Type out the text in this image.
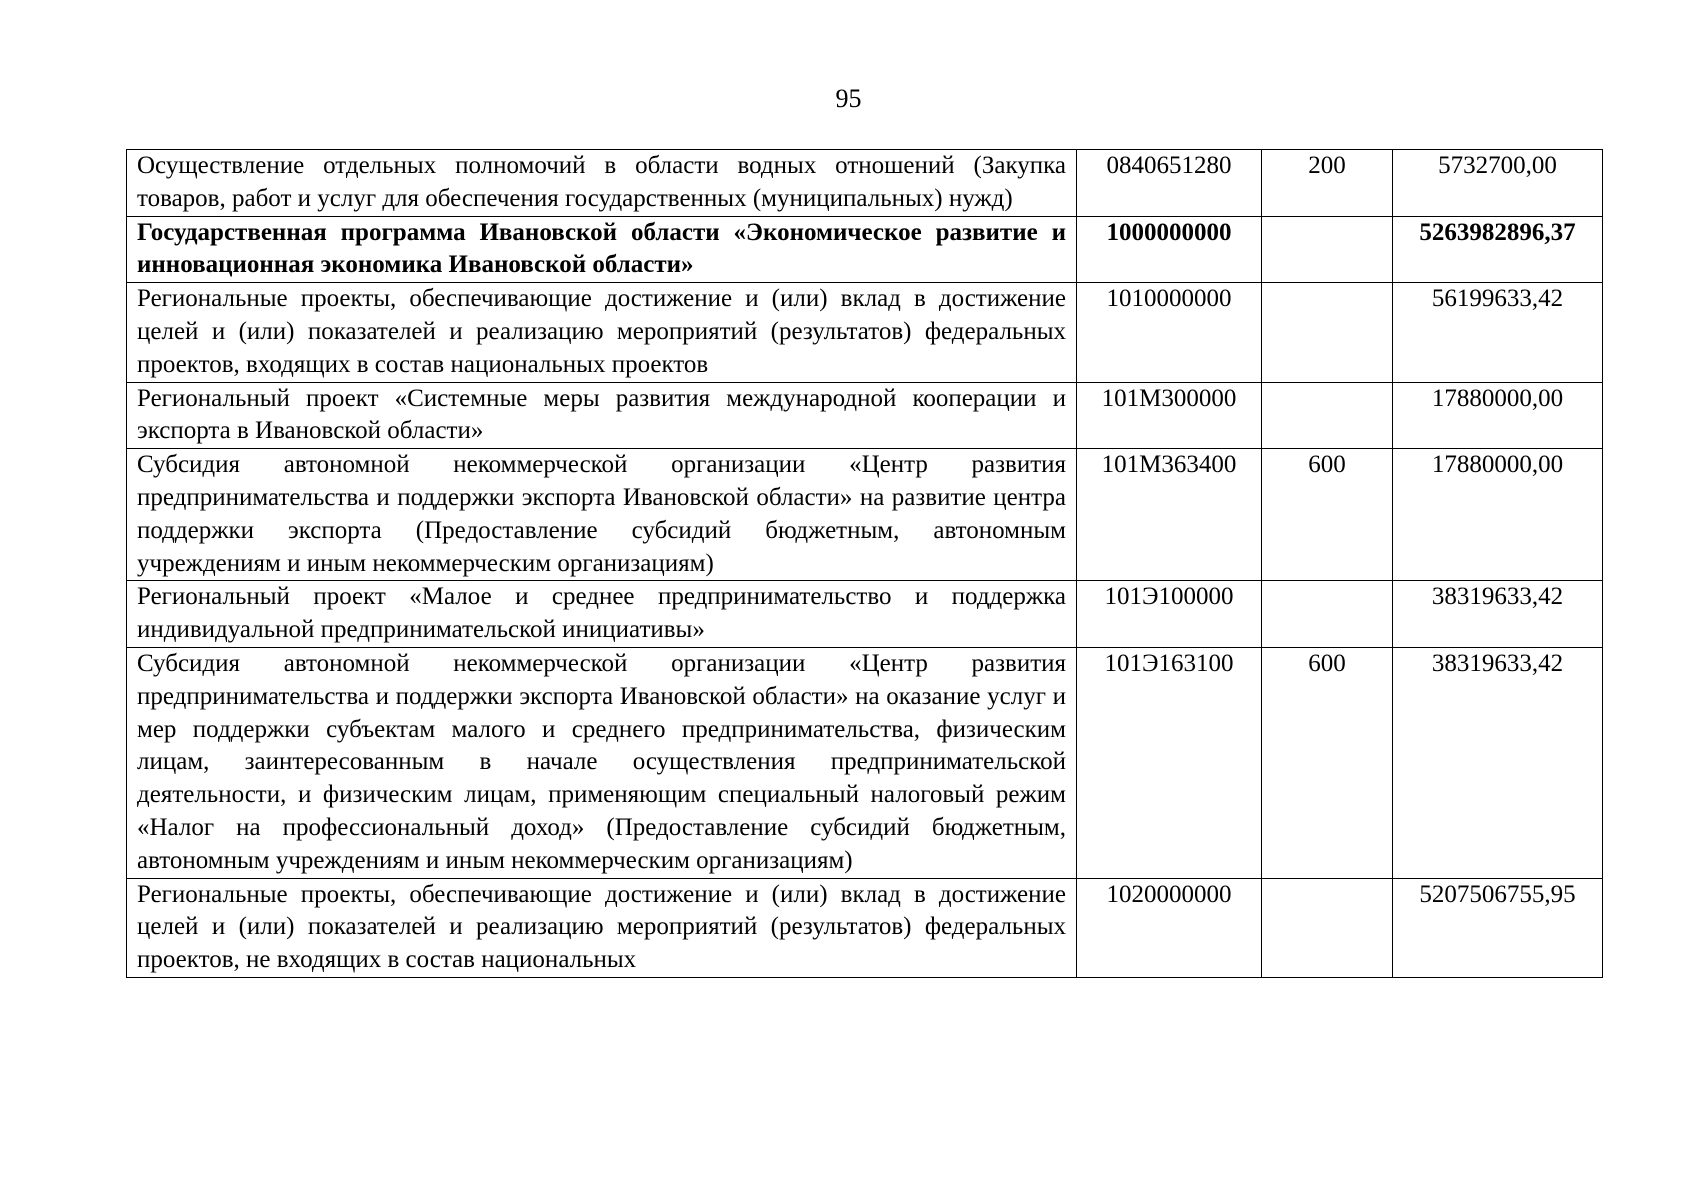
95
Осуществление отдельных полномочий в области водных отношений (Закупка товаров, работ и услуг для обеспечения государственных (муниципальных) нужд)	0840651280	200	5732700,00
Государственная программа Ивановской области «Экономическое развитие и инновационная экономика Ивановской области»	1000000000		5263982896,37
Региональные проекты, обеспечивающие достижение и (или) вклад в достижение целей и (или) показателей и реализацию мероприятий (результатов) федеральных проектов, входящих в состав национальных проектов	1010000000		56199633,42
Региональный проект «Системные меры развития международной кооперации и экспорта в Ивановской области»	101М300000		17880000,00
Субсидия автономной некоммерческой организации «Центр развития предпринимательства и поддержки экспорта Ивановской области» на развитие центра поддержки экспорта (Предоставление субсидий бюджетным, автономным учреждениям и иным некоммерческим организациям)	101М363400	600	17880000,00
Региональный проект «Малое и среднее предпринимательство и поддержка индивидуальной предпринимательской инициативы»	101Э100000		38319633,42
Субсидия автономной некоммерческой организации «Центр развития предпринимательства и поддержки экспорта Ивановской области» на оказание услуг и мер поддержки субъектам малого и среднего предпринимательства, физическим лицам, заинтересованным в начале осуществления предпринимательской деятельности, и физическим лицам, применяющим специальный налоговый режим «Налог на профессиональный доход» (Предоставление субсидий бюджетным, автономным учреждениям и иным некоммерческим организациям)	101Э163100	600	38319633,42
Региональные проекты, обеспечивающие достижение и (или) вклад в достижение целей и (или) показателей и реализацию мероприятий (результатов) федеральных проектов, не входящих в состав национальных	1020000000		5207506755,95
